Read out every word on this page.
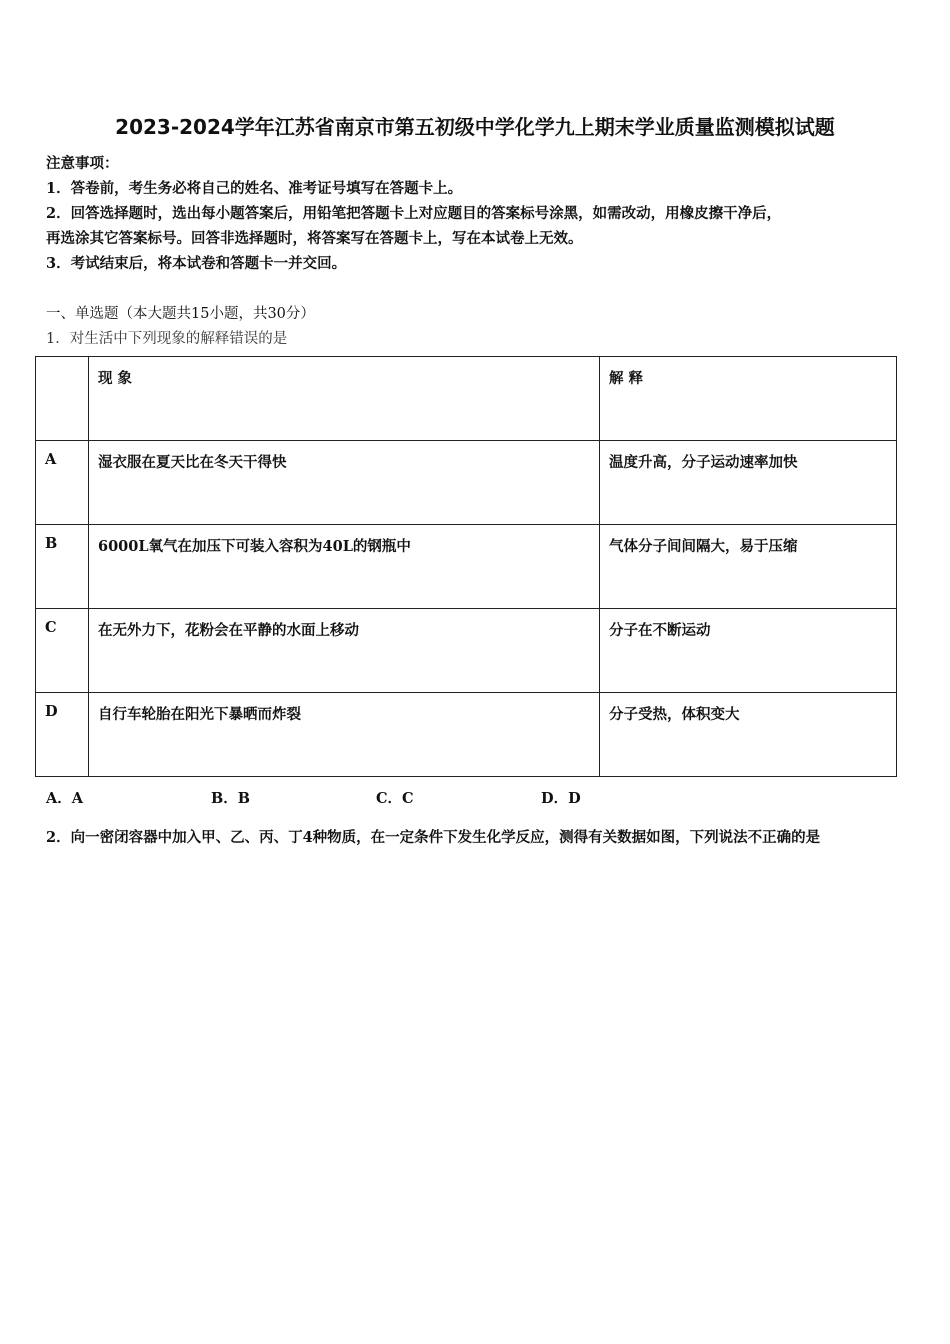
2023-2024学年江苏省南京市第五初级中学化学九上期末学业质量监测模拟试题
注意事项：
1．答卷前，考生务必将自己的姓名、准考证号填写在答题卡上。
2．回答选择题时，选出每小题答案后，用铅笔把答题卡上对应题目的答案标号涂黑，如需改动，用橡皮擦干净后，
再选涂其它答案标号。回答非选择题时，将答案写在答题卡上，写在本试卷上无效。
3．考试结束后，将本试卷和答题卡一并交回。
一、单选题（本大题共15小题，共30分）
1．对生活中下列现象的解释错误的是
	现 象	解 释
A	湿衣服在夏天比在冬天干得快	温度升高，分子运动速率加快
B	6000L氧气在加压下可装入容积为40L的钢瓶中	气体分子间间隔大，易于压缩
C	在无外力下，花粉会在平静的水面上移动	分子在不断运动
D	自行车轮胎在阳光下暴晒而炸裂	分子受热，体积变大
A．A	B．B	C．C	D．D
2．向一密闭容器中加入甲、乙、丙、丁4种物质，在一定条件下发生化学反应，测得有关数据如图，下列说法不正确的是
